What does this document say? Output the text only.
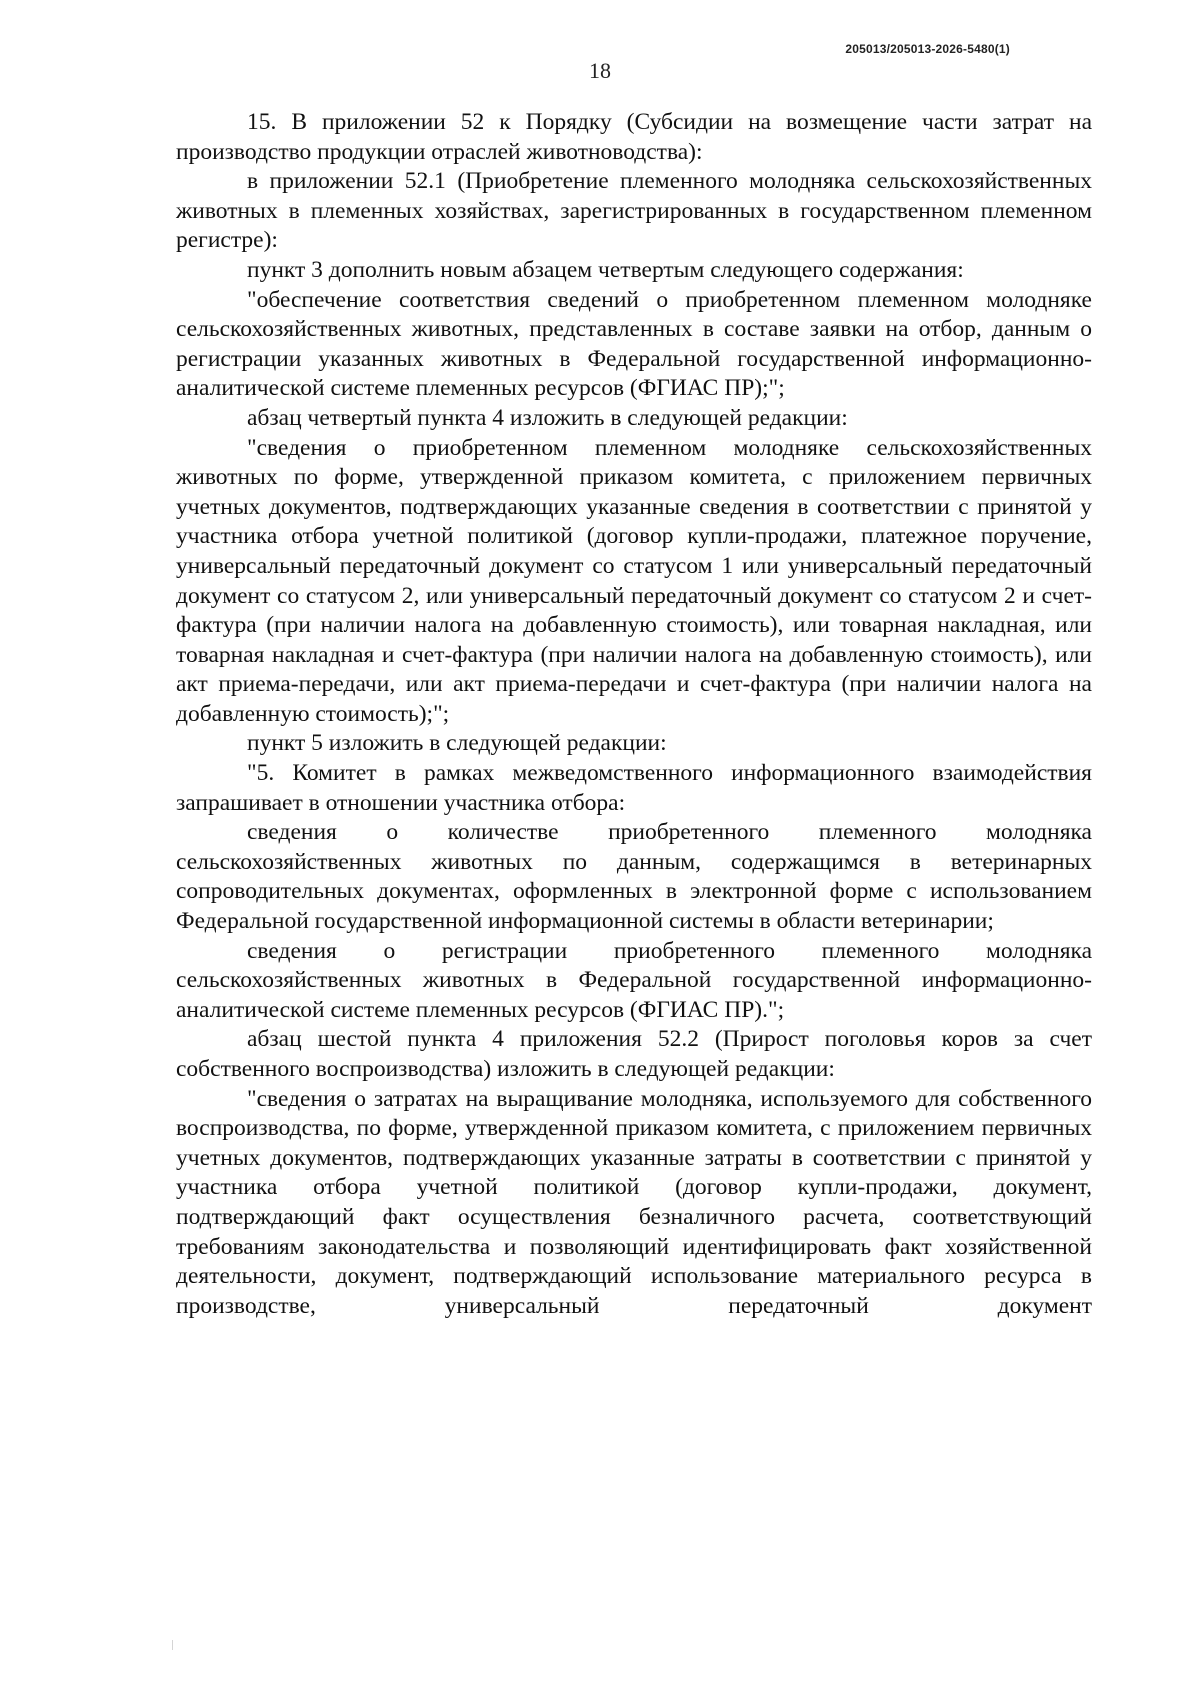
205013/205013-2026-5480(1)
18

15. В приложении 52 к Порядку (Субсидии на возмещение части затрат на производство продукции отраслей животноводства):

в приложении 52.1 (Приобретение племенного молодняка сельскохозяйственных животных в племенных хозяйствах, зарегистрированных в государственном племенном регистре):

пункт 3 дополнить новым абзацем четвертым следующего содержания:

"обеспечение соответствия сведений о приобретенном племенном молодняке сельскохозяйственных животных, представленных в составе заявки на отбор, данным о регистрации указанных животных в Федеральной государственной информационно-аналитической системе племенных ресурсов (ФГИАС ПР);";

абзац четвертый пункта 4 изложить в следующей редакции:

"сведения о приобретенном племенном молодняке сельскохозяйственных животных по форме, утвержденной приказом комитета, с приложением первичных учетных документов, подтверждающих указанные сведения в соответствии с принятой у участника отбора учетной политикой (договор купли-продажи, платежное поручение, универсальный передаточный документ со статусом 1 или универсальный передаточный документ со статусом 2, или универсальный передаточный документ со статусом 2 и счет-фактура (при наличии налога на добавленную стоимость), или товарная накладная, или товарная накладная и счет-фактура (при наличии налога на добавленную стоимость), или акт приема-передачи, или акт приема-передачи и счет-фактура (при наличии налога на добавленную стоимость);";

пункт 5 изложить в следующей редакции:

"5. Комитет в рамках межведомственного информационного взаимодействия запрашивает в отношении участника отбора:

сведения о количестве приобретенного племенного молодняка сельскохозяйственных животных по данным, содержащимся в ветеринарных сопроводительных документах, оформленных в электронной форме с использованием Федеральной государственной информационной системы в области ветеринарии;

сведения о регистрации приобретенного племенного молодняка сельскохозяйственных животных в Федеральной государственной информационно-аналитической системе племенных ресурсов (ФГИАС ПР).";

абзац шестой пункта 4 приложения 52.2 (Прирост поголовья коров за счет собственного воспроизводства) изложить в следующей редакции:

"сведения о затратах на выращивание молодняка, используемого для собственного воспроизводства, по форме, утвержденной приказом комитета, с приложением первичных учетных документов, подтверждающих указанные затраты в соответствии с принятой у участника отбора учетной политикой (договор купли-продажи, документ, подтверждающий факт осуществления безналичного расчета, соответствующий требованиям законодательства и позволяющий идентифицировать факт хозяйственной деятельности, документ, подтверждающий использование материального ресурса в производстве, универсальный передаточный документ
